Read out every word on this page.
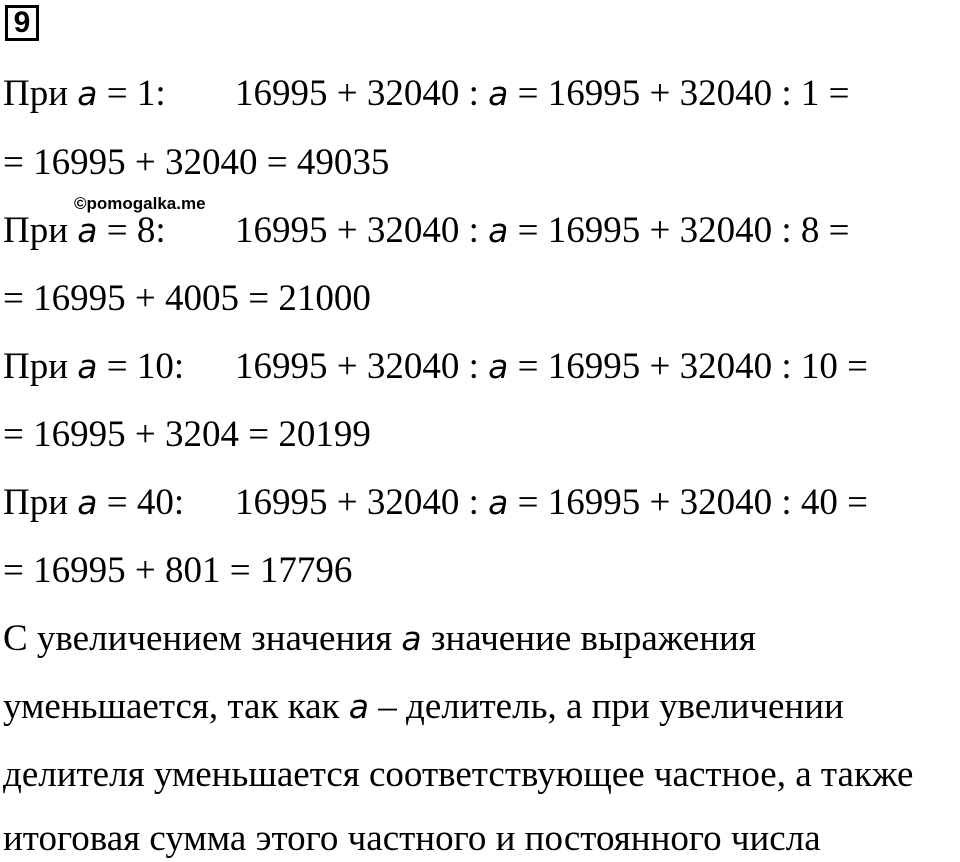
9
При a = 1: 16995 + 32040 : a = 16995 + 32040 : 1 =
= 16995 + 32040 = 49035
©pomogalka.me
При a = 8: 16995 + 32040 : a = 16995 + 32040 : 8 =
= 16995 + 4005 = 21000
При a = 10: 16995 + 32040 : a = 16995 + 32040 : 10 =
= 16995 + 3204 = 20199
При a = 40: 16995 + 32040 : a = 16995 + 32040 : 40 =
= 16995 + 801 = 17796
С увеличением значения a значение выражения
уменьшается, так как a – делитель, а при увеличении
делителя уменьшается соответствующее частное, а также
итоговая сумма этого частного и постоянного числа
